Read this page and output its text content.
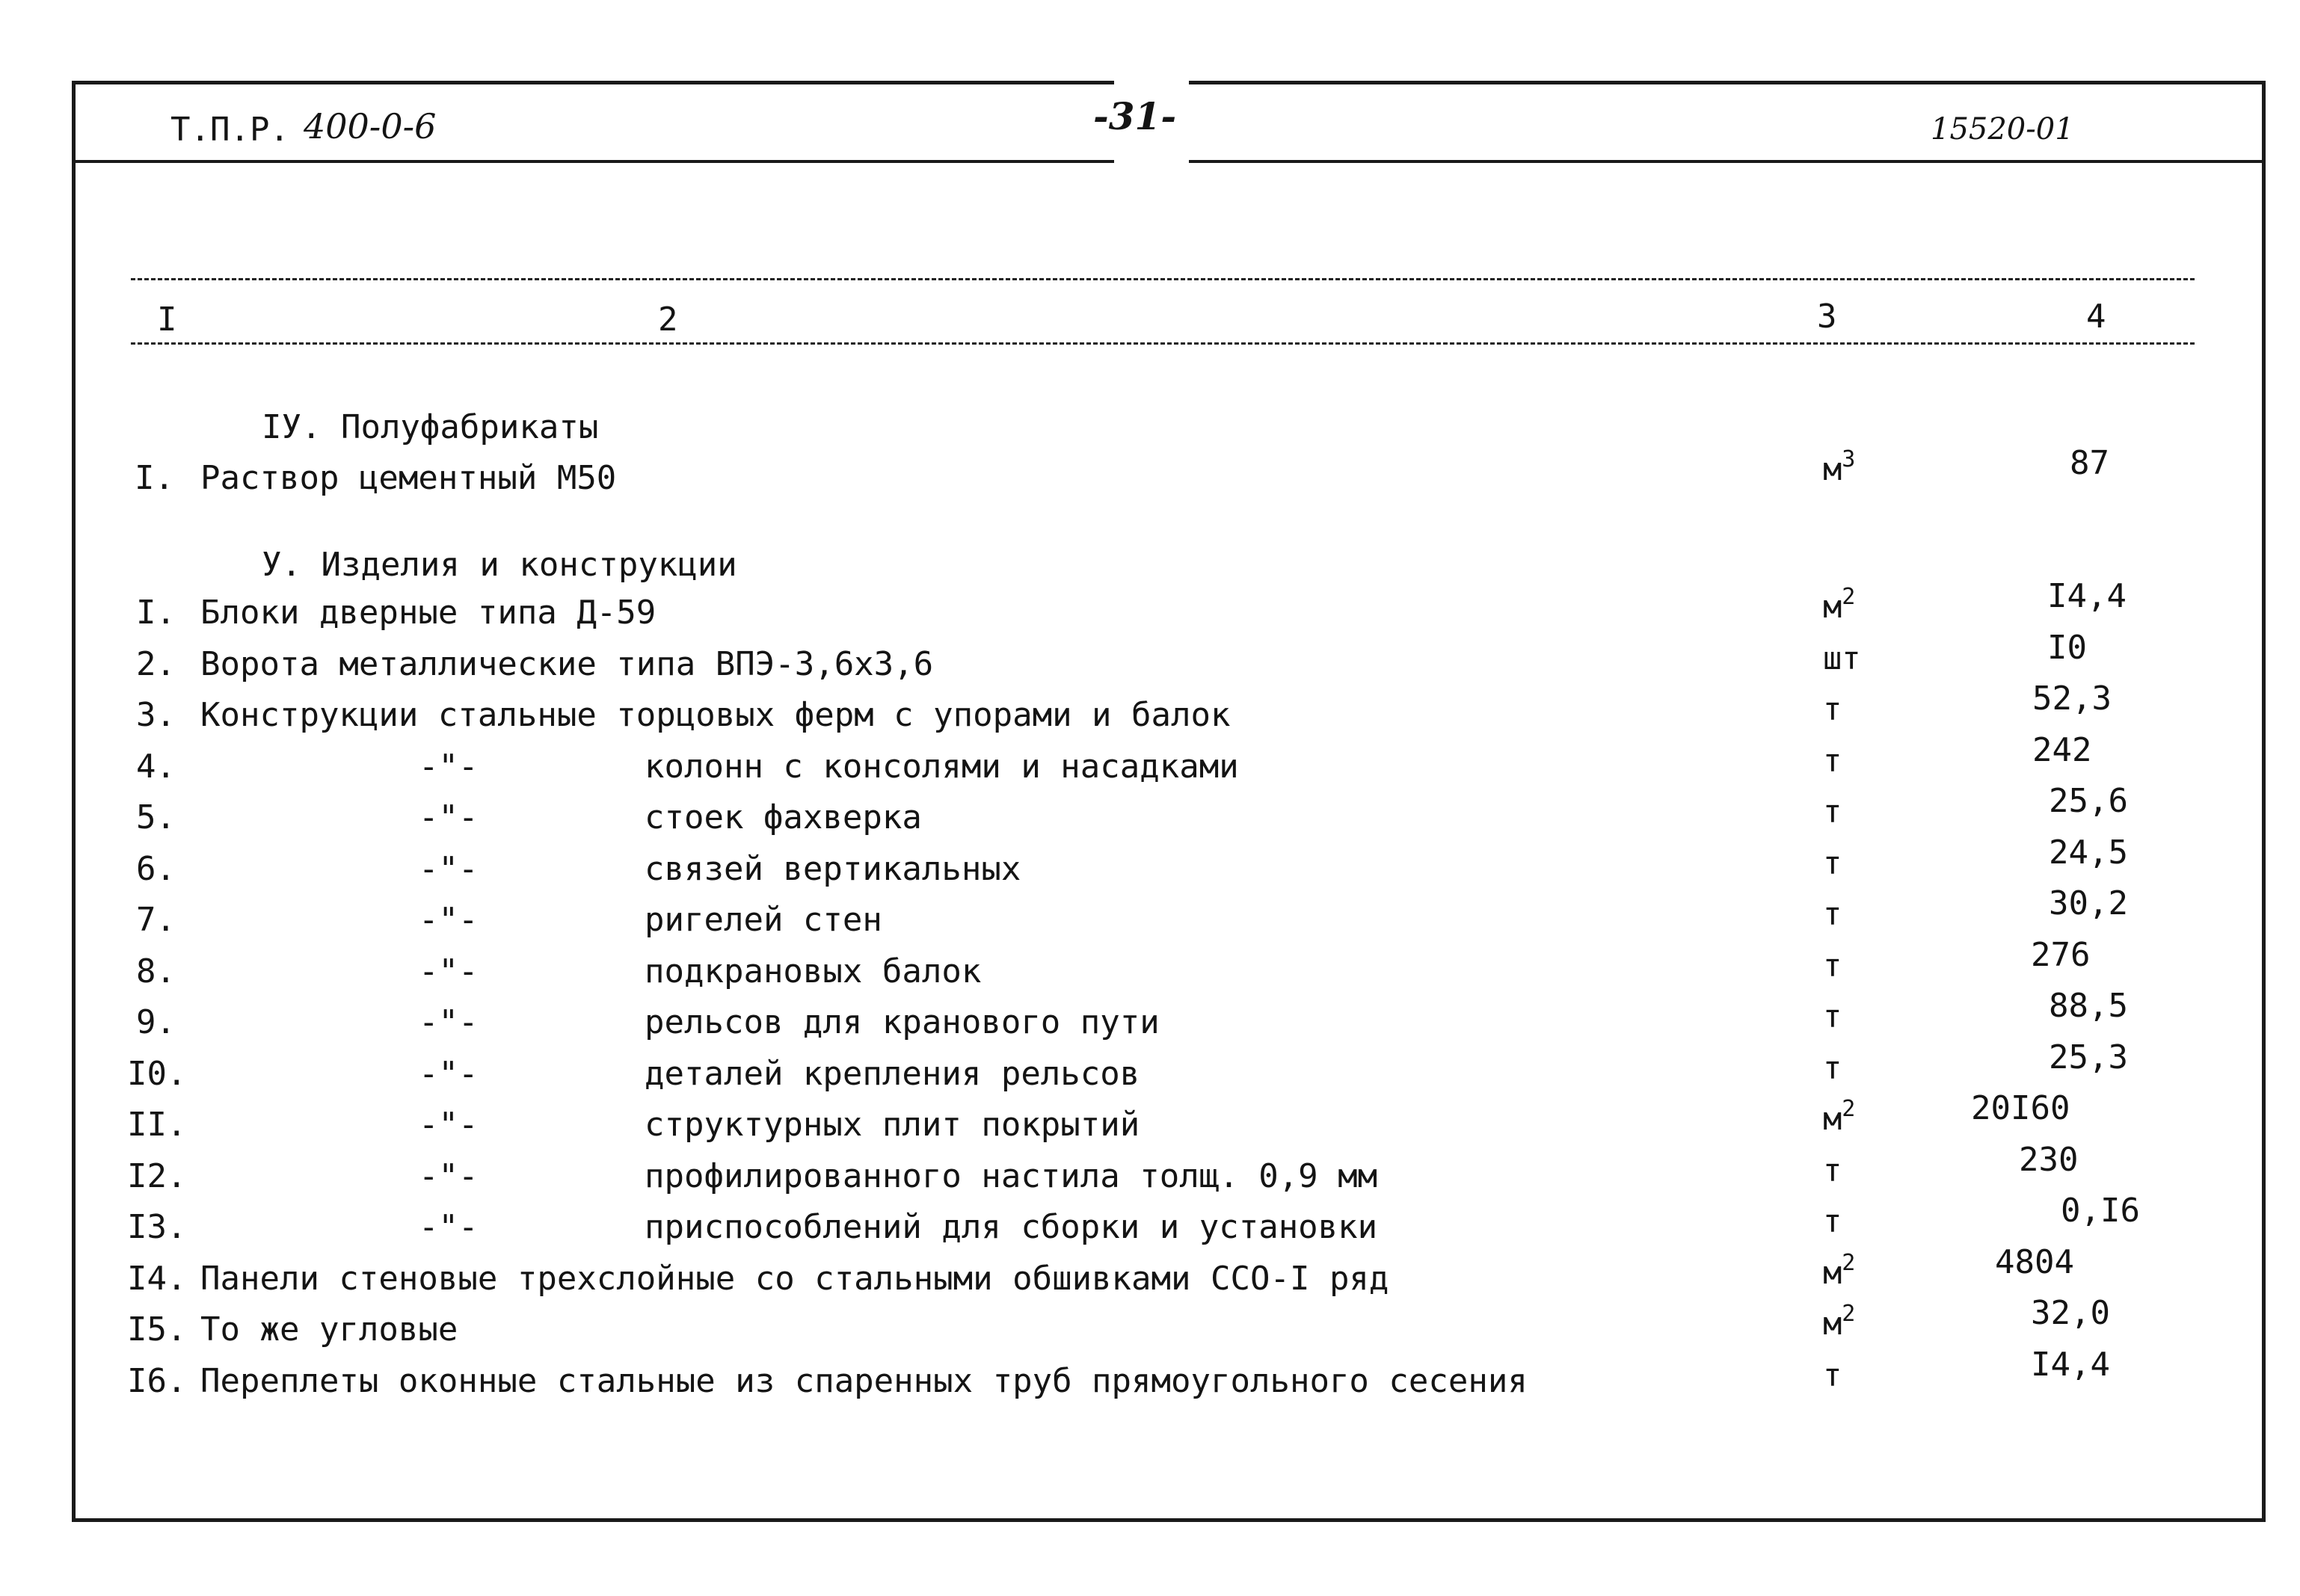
Т.П.Р. 400-0-6	-31-	15520-01
I	2	3	4
IУ. Полуфабрикаты
I. Раствор цементный М50	$м^3$	87
У. Изделия и конструкции
I. Блоки дверные типа Д-59	$м^2$	I4,4
2. Ворота металлические типа ВПЭ-3,6х3,6	шт	I0
3. Конструкции стальные торцовых ферм с упорами и балок	т	52,3
4.	-"-	колонн с консолями и насадками	т	242
5.	-"-	стоек фахверка	т	25,6
6.	-"-	связей вертикальных	т	24,5
7.	-"-	ригелей стен	т	30,2
8.	-"-	подкрановых балок	т	276
9.	-"-	рельсов для кранового пути	т	88,5
I0.	-"-	деталей крепления рельсов	т	25,3
II.	-"-	структурных плит покрытий	$м^2$	20I60
I2.	-"-	профилированного настила толщ. 0,9 мм	т	230
I3.	-"-	приспособлений для сборки и установки	т	0,I6
I4. Панели стеновые трехслойные со стальными обшивками ССО-I ряд	$м^2$	4804
I5. То же угловые	$м^2$	32,0
I6. Переплеты оконные стальные из спаренных труб прямоугольного сесения	т	I4,4
